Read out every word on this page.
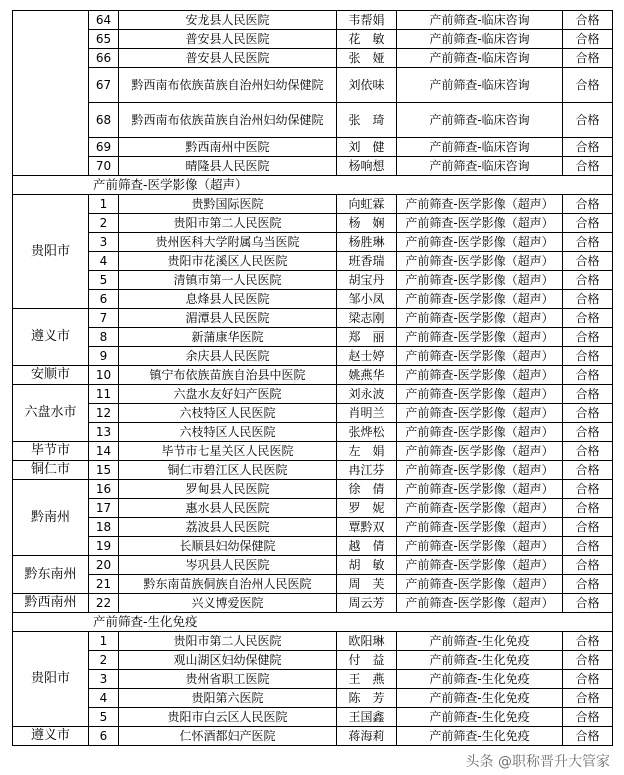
	64	安龙县人民医院	韦帮娟	产前筛查-临床咨询	合格
	65	普安县人民医院	花　敏	产前筛查-临床咨询	合格
	66	普安县人民医院	张　娅	产前筛查-临床咨询	合格
	67	黔西南布依族苗族自治州妇幼保健院	刘依味	产前筛查-临床咨询	合格
	68	黔西南布依族苗族自治州妇幼保健院	张　琦	产前筛查-临床咨询	合格
	69	黔西南州中医院	刘　健	产前筛查-临床咨询	合格
	70	晴隆县人民医院	杨响想	产前筛查-临床咨询	合格
产前筛查-医学影像（超声）					
贵阳市	1	贵黔国际医院	向虹霖	产前筛查-医学影像（超声）	合格
	2	贵阳市第二人民医院	杨　娴	产前筛查-医学影像（超声）	合格
	3	贵州医科大学附属乌当医院	杨胜琳	产前筛查-医学影像（超声）	合格
	4	贵阳市花溪区人民医院	班香瑞	产前筛查-医学影像（超声）	合格
	5	清镇市第一人民医院	胡宝丹	产前筛查-医学影像（超声）	合格
	6	息烽县人民医院	邹小凤	产前筛查-医学影像（超声）	合格
遵义市	7	湄潭县人民医院	梁志刚	产前筛查-医学影像（超声）	合格
	8	新蒲康华医院	郑　丽	产前筛查-医学影像（超声）	合格
	9	余庆县人民医院	赵士婷	产前筛查-医学影像（超声）	合格
安顺市	10	镇宁布依族苗族自治县中医院	姚燕华	产前筛查-医学影像（超声）	合格
六盘水市	11	六盘水友好妇产医院	刘永波	产前筛查-医学影像（超声）	合格
	12	六枝特区人民医院	肖明兰	产前筛查-医学影像（超声）	合格
	13	六枝特区人民医院	张烨松	产前筛查-医学影像（超声）	合格
毕节市	14	毕节市七星关区人民医院	左　娟	产前筛查-医学影像（超声）	合格
铜仁市	15	铜仁市碧江区人民医院	冉江芬	产前筛查-医学影像（超声）	合格
黔南州	16	罗甸县人民医院	徐　倩	产前筛查-医学影像（超声）	合格
	17	惠水县人民医院	罗　妮	产前筛查-医学影像（超声）	合格
	18	荔波县人民医院	覃黔双	产前筛查-医学影像（超声）	合格
	19	长顺县妇幼保健院	越　倩	产前筛查-医学影像（超声）	合格
黔东南州	20	岑巩县人民医院	胡　敏	产前筛查-医学影像（超声）	合格
	21	黔东南苗族侗族自治州人民医院	周　芙	产前筛查-医学影像（超声）	合格
黔西南州	22	兴义博爱医院	周云芳	产前筛查-医学影像（超声）	合格
产前筛查-生化免疫					
贵阳市	1	贵阳市第二人民医院	欧阳琳	产前筛查-生化免疫	合格
	2	观山湖区妇幼保健院	付　益	产前筛查-生化免疫	合格
	3	贵州省职工医院	王　燕	产前筛查-生化免疫	合格
	4	贵阳第六医院	陈　芳	产前筛查-生化免疫	合格
	5	贵阳市白云区人民医院	王国鑫	产前筛查-生化免疫	合格
遵义市	6	仁怀酒都妇产医院	蒋海莉	产前筛查-生化免疫	合格
头条 @职称晋升大管家
